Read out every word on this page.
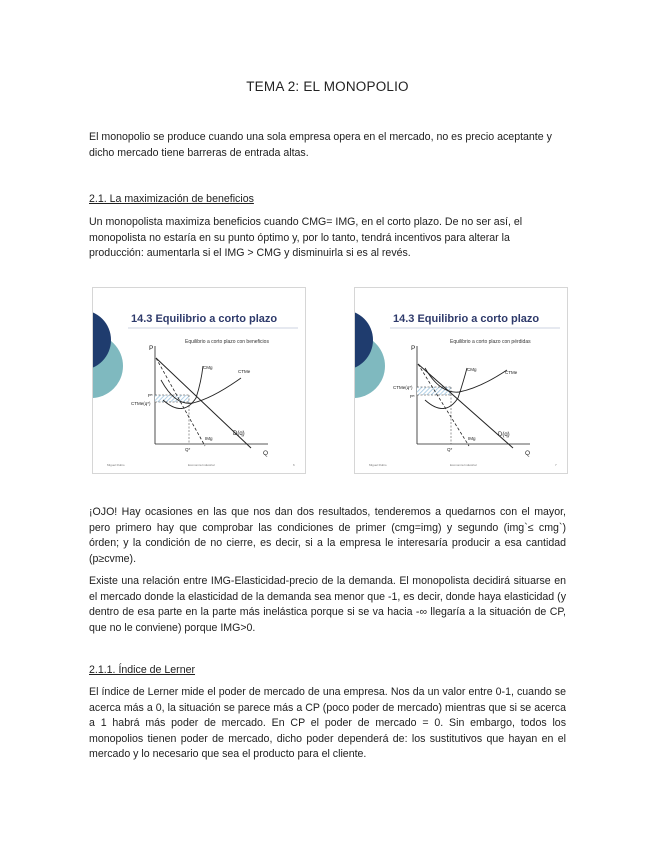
TEMA 2: EL MONOPOLIO
El monopolio se produce cuando una sola empresa opera en el mercado, no es precio aceptante y dicho mercado tiene barreras de entrada altas.
2.1. La maximización de beneficios
Un monopolista maximiza beneficios cuando CMG= IMG, en el corto plazo. De no ser así, el monopolista no estaría en su punto óptimo y, por lo tanto, tendrá incentivos para alterar la producción: aumentarla si el IMG > CMG y disminuirla si es al revés.
14.3 Equilibrio a corto plazo
Equilibrio a corto plazo con beneficios
P
Q
P*
CTMe(q*)
Q*
D(q)
IMg
CMg
CTMe
Miguel Rubio	Economía Industrial	6
14.3 Equilibrio a corto plazo
Equilibrio a corto plazo con pérdidas
P
Q
CTMe(q*)
P*
Q*
D(q)
IMg
CMg
CTMe
Miguel Rubio	Economía Industrial	7
¡OJO! Hay ocasiones en las que nos dan dos resultados, tenderemos a quedarnos con el mayor, pero primero hay que comprobar las condiciones de primer (cmg=img) y segundo (img`≤ cmg`) órden; y la condición de no cierre, es decir, si a la empresa le interesaría producir a esa cantidad (p≥cvme).
Existe una relación entre IMG-Elasticidad-precio de la demanda. El monopolista decidirá situarse en el mercado donde la elasticidad de la demanda sea menor que -1, es decir, donde haya elasticidad (y dentro de esa parte en la parte más inelástica porque si se va hacia -∞ llegaría a la situación de CP, que no le conviene) porque IMG>0.
2.1.1. Índice de Lerner
El índice de Lerner mide el poder de mercado de una empresa. Nos da un valor entre 0-1, cuando se acerca más a 0, la situación se parece más a CP (poco poder de mercado) mientras que si se acerca a 1 habrá más poder de mercado. En CP el poder de mercado = 0. Sin embargo, todos los monopolios tienen poder de mercado, dicho poder dependerá de: los sustitutivos que hayan en el mercado y lo necesario que sea el producto para el cliente.
